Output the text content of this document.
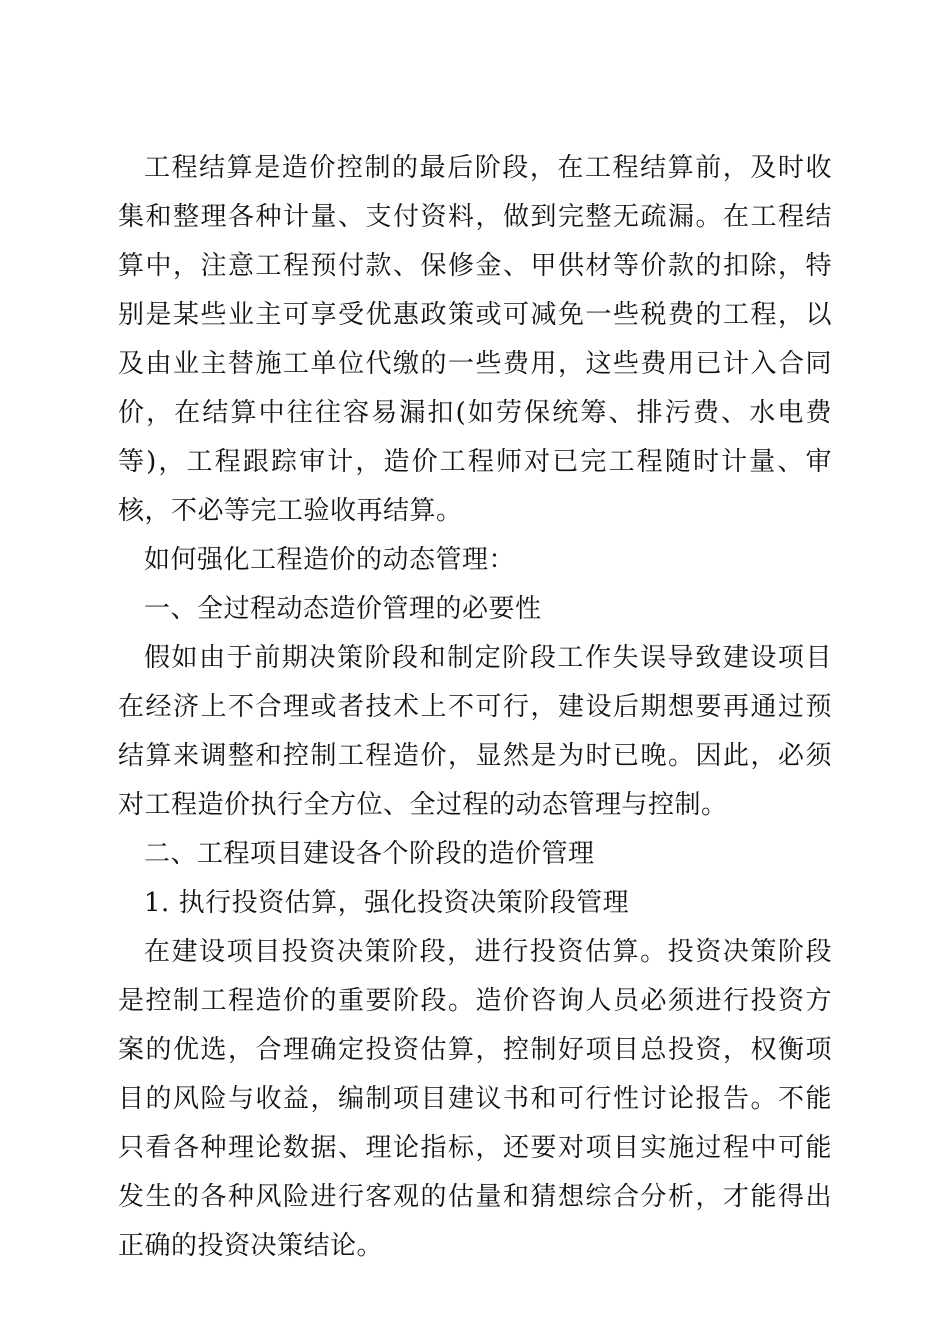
工程结算是造价控制的最后阶段，在工程结算前，及时收集和整理各种计量、支付资料，做到完整无疏漏。在工程结算中，注意工程预付款、保修金、甲供材等价款的扣除，特别是某些业主可享受优惠政策或可减免一些税费的工程，以及由业主替施工单位代缴的一些费用，这些费用已计入合同价，在结算中往往容易漏扣(如劳保统筹、排污费、水电费等)，工程跟踪审计，造价工程师对已完工程随时计量、审核，不必等完工验收再结算。

如何强化工程造价的动态管理：

一、全过程动态造价管理的必要性

假如由于前期决策阶段和制定阶段工作失误导致建设项目在经济上不合理或者技术上不可行，建设后期想要再通过预结算来调整和控制工程造价，显然是为时已晚。因此，必须对工程造价执行全方位、全过程的动态管理与控制。

二、工程项目建设各个阶段的造价管理

1. 执行投资估算，强化投资决策阶段管理

在建设项目投资决策阶段，进行投资估算。投资决策阶段是控制工程造价的重要阶段。造价咨询人员必须进行投资方案的优选，合理确定投资估算，控制好项目总投资，权衡项目的风险与收益，编制项目建议书和可行性讨论报告。不能只看各种理论数据、理论指标，还要对项目实施过程中可能发生的各种风险进行客观的估量和猜想综合分析，才能得出正确的投资决策结论。
